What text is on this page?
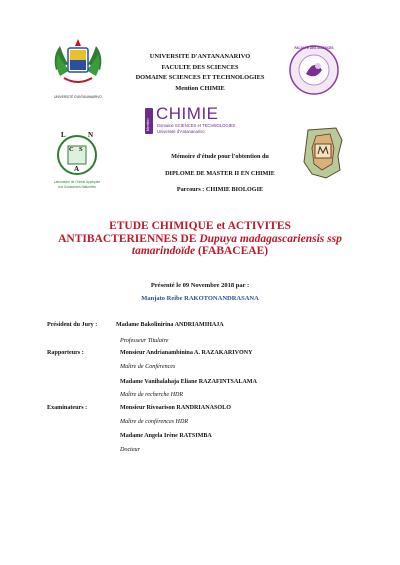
UNIVERSITÉ D'ANTANANARIVO
UNIVERSITE D'ANTANANARIVO
FACULTE DES SCIENCES
DOMAINE SCIENCES ET TECHNOLOGIES
Mention CHIMIE
FACULTE DES SCIENCES
L	N
C S
A
Laboratoire de Chimie Appliquée
aux Substances Naturelles
Mention
CHIMIE
Domaine SCIENCES et TECHNOLOGIES
Université d'Antananarivo
Mémoire d'étude pour l'obtention du
DIPLOME DE MASTER II EN CHIMIE
Parcours : CHIMIE BIOLOGIE
ETUDE CHIMIQUE et ACTIVITES
ANTIBACTERIENNES DE Dupuya madagascariensis ssp
tamarindoïde (FABACEAE)
Présenté le 09 Novembre 2018 par :
Manjato Reibe RAKOTONANDRASANA
Président du Jury :	Madame Bakolinirina ANDRIAMIHAJA
Professeur Titulaire
Rapporteurs :	Monsieur Andrianambinina A. RAZAKARIVONY
Maître de Conférences
Madame Vanihalahaja Eliane RAZAFINTSALAMA
Maître de recherche HDR
Examinateurs :	Monsieur Rivoarison RANDRIANASOLO
Maître de conférences HDR
Madame Angela Irène RATSIMBA
Docteur
